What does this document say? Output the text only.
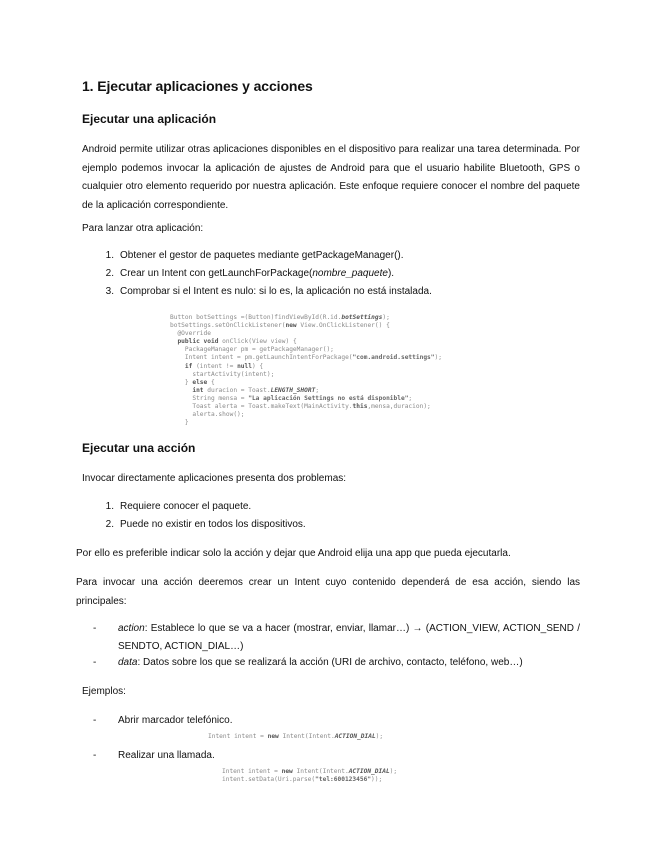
1. Ejecutar aplicaciones y acciones
Ejecutar una aplicación

Android permite utilizar otras aplicaciones disponibles en el dispositivo para realizar una tarea determinada. Por ejemplo podemos invocar la aplicación de ajustes de Android para que el usuario habilite Bluetooth, GPS o cualquier otro elemento requerido por nuestra aplicación. Este enfoque requiere conocer el nombre del paquete de la aplicación correspondiente.

Para lanzar otra aplicación:

1. Obtener el gestor de paquetes mediante getPackageManager().
2. Crear un Intent con getLaunchForPackage(nombre_paquete).
3. Comprobar si el Intent es nulo: si lo es, la aplicación no está instalada.
Button botSettings =(Button)findViewById(R.id.botSettings);
botSettings.setOnClickListener(new View.OnClickListener() {
@Override
public void onClick(View view) {
PackageManager pm = getPackageManager();
Intent intent = pm.getLaunchIntentForPackage("com.android.settings");
if (intent != null) {
startActivity(intent);
} else {
int duracion = Toast.LENGTH_SHORT;
String mensa = "La aplicación Settings no está disponible";
Toast alerta = Toast.makeText(MainActivity.this,mensa,duracion);
alerta.show();
}
Ejecutar una acción

Invocar directamente aplicaciones presenta dos problemas:

1. Requiere conocer el paquete.
2. Puede no existir en todos los dispositivos.

Por ello es preferible indicar solo la acción y dejar que Android elija una app que pueda ejecutarla.

Para invocar una acción deeremos crear un Intent cuyo contenido dependerá de esa acción, siendo las principales:

- action: Establece lo que se va a hacer (mostrar, enviar, llamar…) → (ACTION_VIEW, ACTION_SEND / SENDTO, ACTION_DIAL…)
- data: Datos sobre los que se realizará la acción (URI de archivo, contacto, teléfono, web…)

Ejemplos:

- Abrir marcador telefónico.
Intent intent = new Intent(Intent.ACTION_DIAL);
- Realizar una llamada.
Intent intent = new Intent(Intent.ACTION_DIAL);
intent.setData(Uri.parse("tel:600123456"));
